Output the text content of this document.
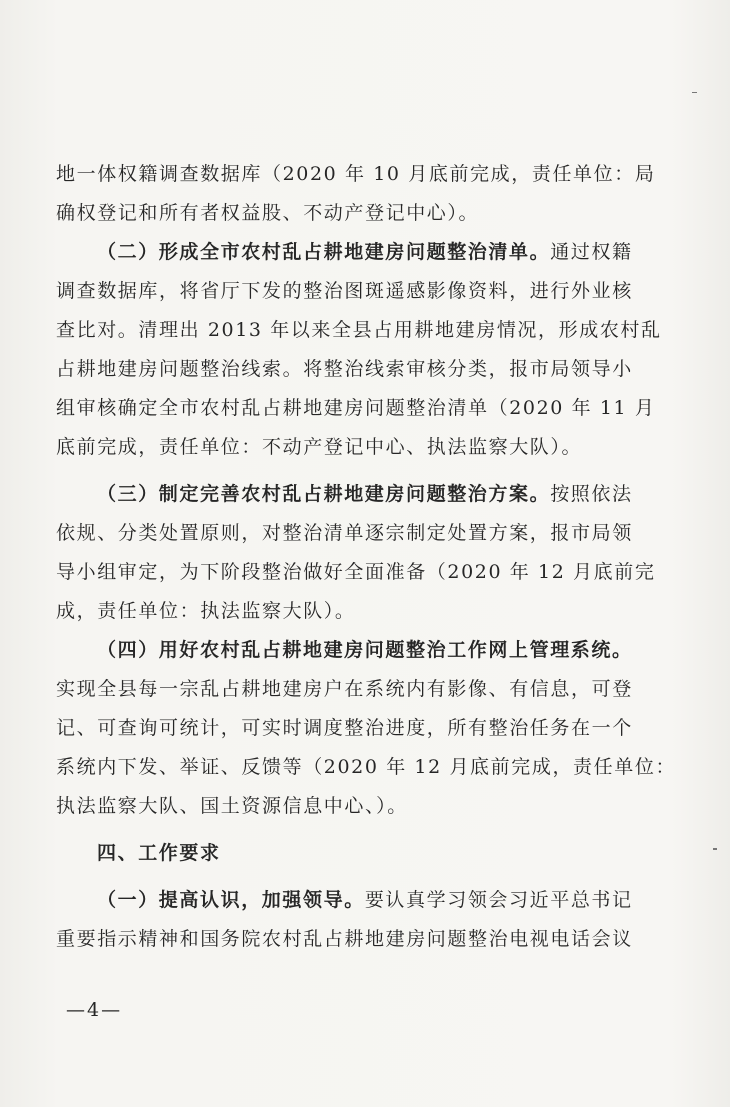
地一体权籍调查数据库（2020 年 10 月底前完成，责任单位：局
确权登记和所有者权益股、不动产登记中心）。
（二）形成全市农村乱占耕地建房问题整治清单。通过权籍
调查数据库，将省厅下发的整治图斑遥感影像资料，进行外业核
查比对。清理出 2013 年以来全县占用耕地建房情况，形成农村乱
占耕地建房问题整治线索。将整治线索审核分类，报市局领导小
组审核确定全市农村乱占耕地建房问题整治清单（2020 年 11 月
底前完成，责任单位：不动产登记中心、执法监察大队）。
（三）制定完善农村乱占耕地建房问题整治方案。按照依法
依规、分类处置原则，对整治清单逐宗制定处置方案，报市局领
导小组审定，为下阶段整治做好全面准备（2020 年 12 月底前完
成，责任单位：执法监察大队）。
（四）用好农村乱占耕地建房问题整治工作网上管理系统。
实现全县每一宗乱占耕地建房户在系统内有影像、有信息，可登
记、可查询可统计，可实时调度整治进度，所有整治任务在一个
系统内下发、举证、反馈等（2020 年 12 月底前完成，责任单位：
执法监察大队、国土资源信息中心、）。
四、工作要求
（一）提高认识，加强领导。要认真学习领会习近平总书记
重要指示精神和国务院农村乱占耕地建房问题整治电视电话会议
—4—
